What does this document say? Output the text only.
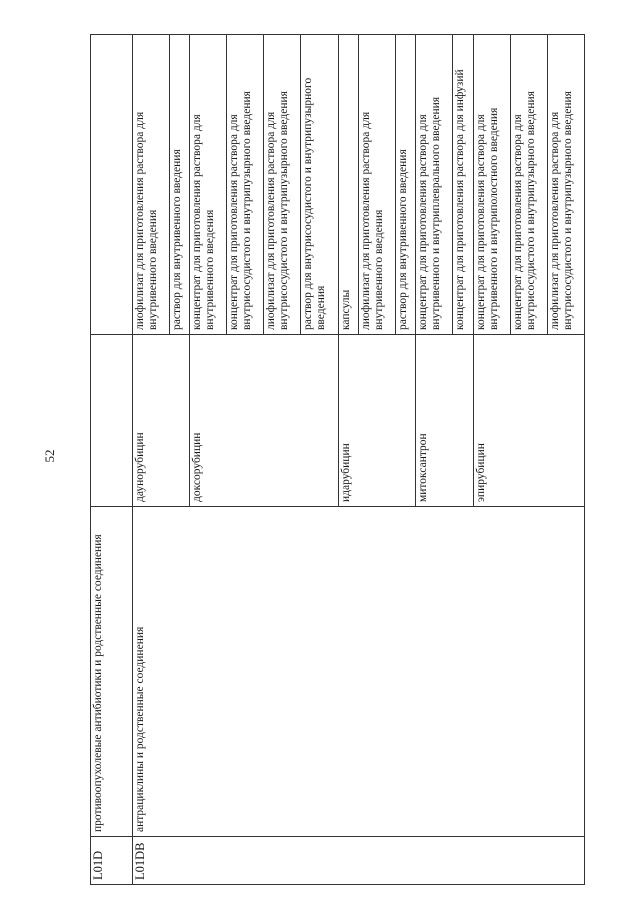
52
L01D	противоопухолевые антибиотики и родственные соединения		
L01DB	антрациклины и родственные соединения	даунорубицин	лиофилизат для приготовления раствора для внутривенного введения
			раствор для внутривенного введения
		доксорубицин	концентрат для приготовления раствора для внутривенного введения
			концентрат для приготовления раствора для внутрисосудистого и внутрипузырного введения
			лиофилизат для приготовления раствора для внутрисосудистого и внутрипузырного введения
			раствор для внутрисосудистого и внутрипузырного введения
		идарубицин	капсулы
			лиофилизат для приготовления раствора для внутривенного введения
			раствор для внутривенного введения
		митоксантрон	концентрат для приготовления раствора для внутривенного и внутриплеврального введения
			концентрат для приготовления раствора для инфузий
		эпирубицин	концентрат для приготовления раствора для внутривенного и внутриполостного введения
			концентрат для приготовления раствора для внутрисосудистого и внутрипузырного введения
			лиофилизат для приготовления раствора для внутрисосудистого и внутрипузырного введения
